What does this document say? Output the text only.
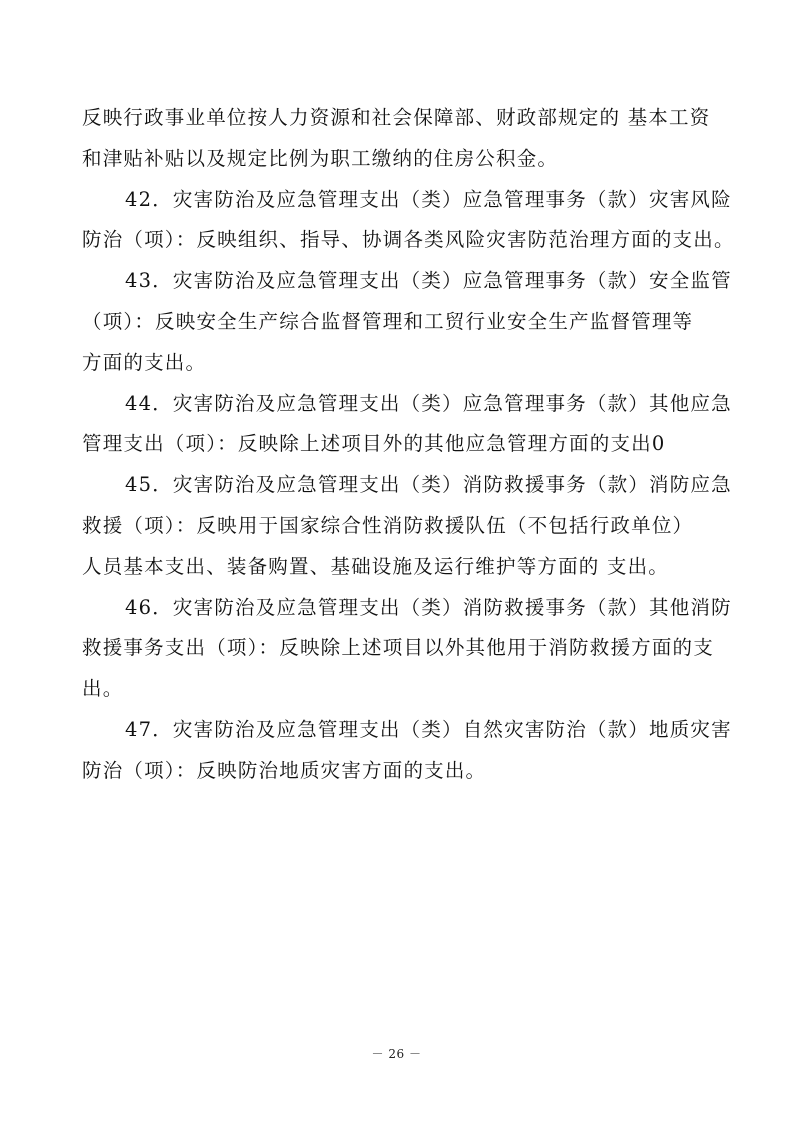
反映行政事业单位按人力资源和社会保障部、财政部规定的 基本工资
和津贴补贴以及规定比例为职工缴纳的住房公积金。

42．灾害防治及应急管理支出（类）应急管理事务（款）灾害风险
防治（项）：反映组织、指导、协调各类风险灾害防范治理方面的支出。

43．灾害防治及应急管理支出（类）应急管理事务（款）安全监管
（项）：反映安全生产综合监督管理和工贸行业安全生产监督管理等
方面的支出。

44．灾害防治及应急管理支出（类）应急管理事务（款）其他应急
管理支出（项）：反映除上述项目外的其他应急管理方面的支出0

45．灾害防治及应急管理支出（类）消防救援事务（款）消防应急
救援（项）：反映用于国家综合性消防救援队伍（不包括行政单位）
人员基本支出、装备购置、基础设施及运行维护等方面的 支出。

46．灾害防治及应急管理支出（类）消防救援事务（款）其他消防
救援事务支出（项）：反映除上述项目以外其他用于消防救援方面的支
出。

47．灾害防治及应急管理支出（类）自然灾害防治（款）地质灾害
防治（项）：反映防治地质灾害方面的支出。

－ 26 －
